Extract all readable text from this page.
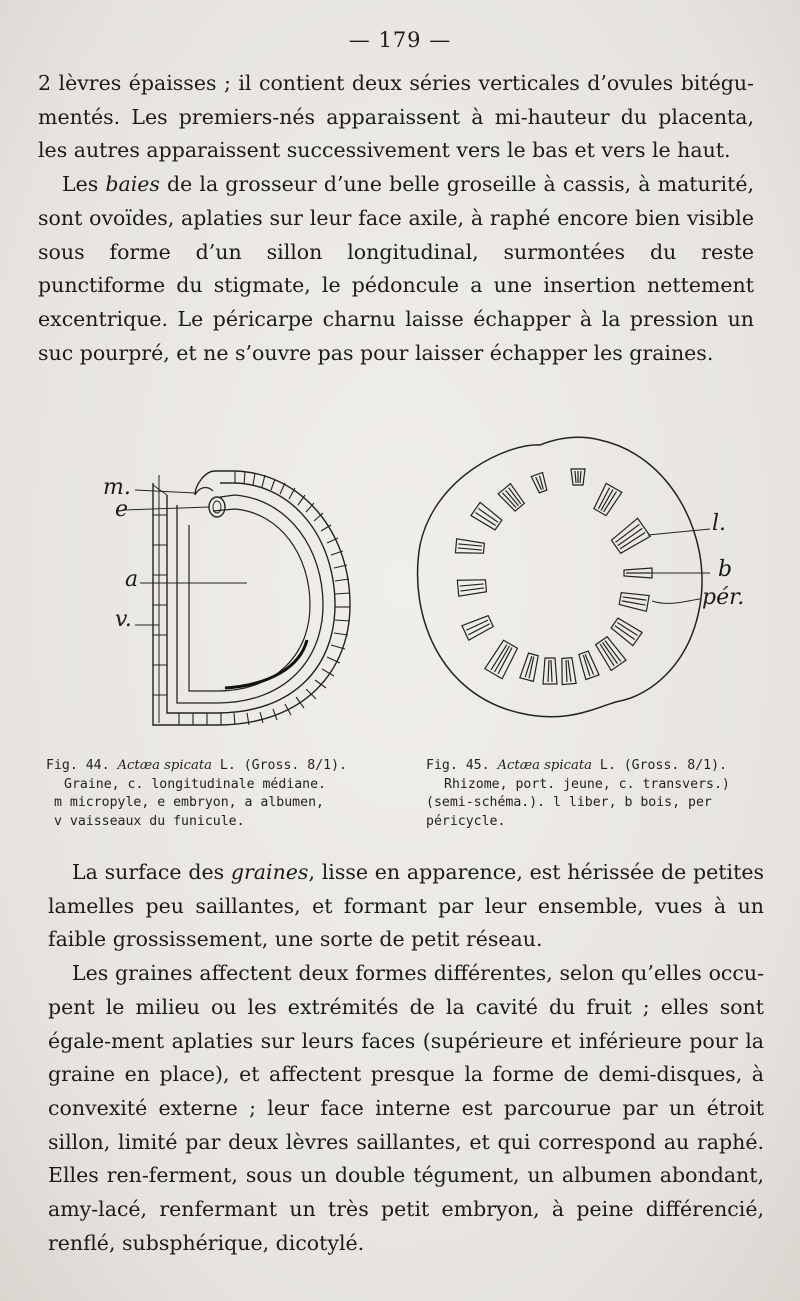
— 179 —

2 lèvres épaisses ; il contient deux séries verticales d’ovules bitégu-mentés. Les premiers-nés apparaissent à mi-hauteur du placenta, les autres apparaissent successivement vers le bas et vers le haut.

Les baies de la grosseur d’une belle groseille à cassis, à maturité, sont ovoïdes, aplaties sur leur face axile, à raphé encore bien visible sous forme d’un sillon longitudinal, surmontées du reste punctiforme du stigmate, le pédoncule a une insertion nettement excentrique. Le péricarpe charnu laisse échapper à la pression un suc pourpré, et ne s’ouvre pas pour laisser échapper les graines.

m.
e
a
v.
l.
b
pér.
Fig. 44. Actæa spicata L. (Gross. 8/1).
Graine, c. longitudinale médiane.
m micropyle, e embryon, a albumen,
v vaisseaux du funicule.
Fig. 45. Actæa spicata L. (Gross. 8/1).
Rhizome, port. jeune, c. transvers.)
(semi-schéma.). l liber, b bois, per
péricycle.

La surface des graines, lisse en apparence, est hérissée de petites lamelles peu saillantes, et formant par leur ensemble, vues à un faible grossissement, une sorte de petit réseau.

Les graines affectent deux formes différentes, selon qu’elles occu-pent le milieu ou les extrémités de la cavité du fruit ; elles sont égale-ment aplaties sur leurs faces (supérieure et inférieure pour la graine en place), et affectent presque la forme de demi-disques, à convexité externe ; leur face interne est parcourue par un étroit sillon, limité par deux lèvres saillantes, et qui correspond au raphé. Elles ren-ferment, sous un double tégument, un albumen abondant, amy-lacé, renfermant un très petit embryon, à peine différencié, renflé, subsphérique, dicotylé.
